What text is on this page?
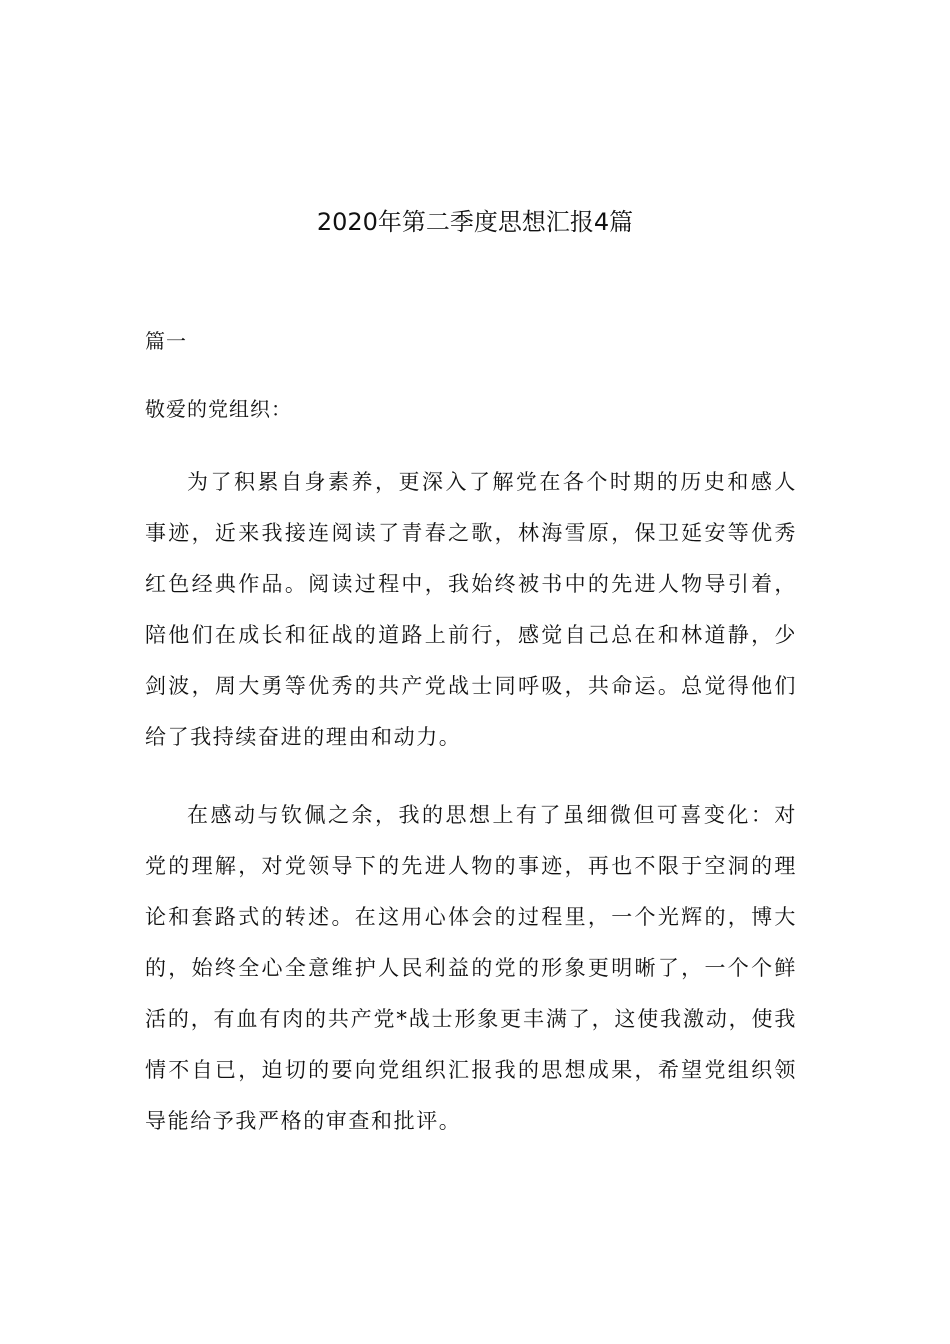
2020年第二季度思想汇报4篇

篇一

敬爱的党组织：

为了积累自身素养，更深入了解党在各个时期的历史和感人事迹，近来我接连阅读了青春之歌，林海雪原，保卫延安等优秀红色经典作品。阅读过程中，我始终被书中的先进人物导引着，陪他们在成长和征战的道路上前行，感觉自己总在和林道静，少剑波，周大勇等优秀的共产党战士同呼吸，共命运。总觉得他们给了我持续奋进的理由和动力。

在感动与钦佩之余，我的思想上有了虽细微但可喜变化：对党的理解，对党领导下的先进人物的事迹，再也不限于空洞的理论和套路式的转述。在这用心体会的过程里，一个光辉的，博大的，始终全心全意维护人民利益的党的形象更明晰了，一个个鲜活的，有血有肉的共产党*战士形象更丰满了，这使我激动，使我情不自已，迫切的要向党组织汇报我的思想成果，希望党组织领导能给予我严格的审查和批评。
